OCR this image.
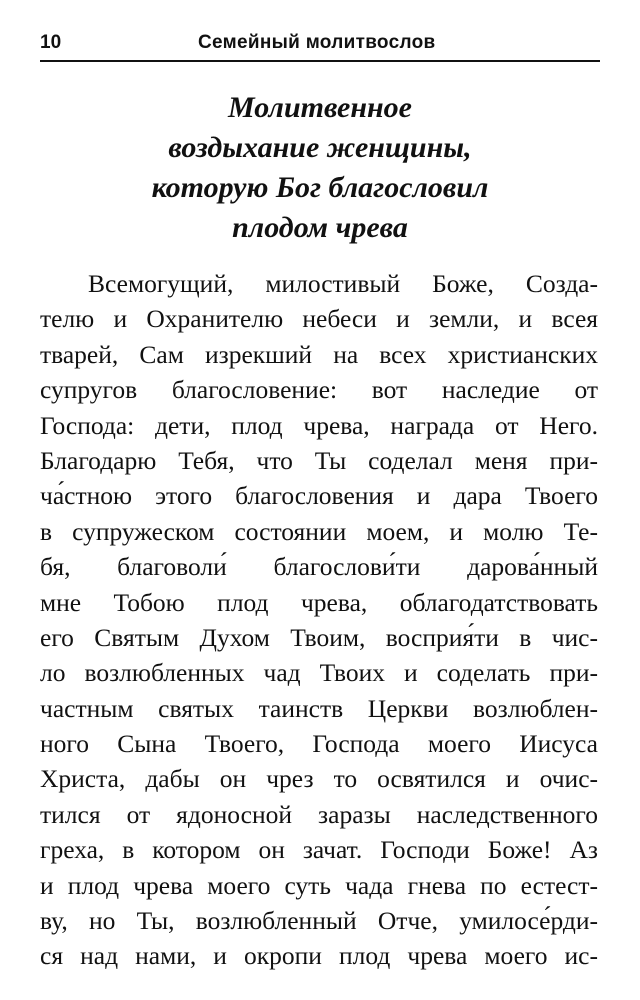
10	Семейный молитвослов
Молитвенное
воздыхание женщины,
которую Бог благословил
плодом чрева
Всемогущий, милостивый Боже, Созда-
телю и Охранителю небеси и земли, и всея
тварей, Сам изрекший на всех христианских
супругов благословение: вот наследие от
Господа: дети, плод чрева, награда от Него.
Благодарю Тебя, что Ты соделал меня при-
ча́стною этого благословения и дара Твоего
в супружеском состоянии моем, и молю Те-
бя, благоволи́ благослови́ти дарова́нный
мне Тобою плод чрева, облагодатствовать
его Святым Духом Твоим, восприя́ти в чис-
ло возлюбленных чад Твоих и соделать при-
частным святых таинств Церкви возлюблен-
ного Сына Твоего, Господа моего Иисуса
Христа, дабы он чрез то освятился и очис-
тился от ядоносной заразы наследственного
греха, в котором он зачат. Господи Боже! Аз
и плод чрева моего суть чада гнева по естест-
ву, но Ты, возлюбленный Отче, умилосе́рди-
ся над нами, и окропи плод чрева моего ис-
